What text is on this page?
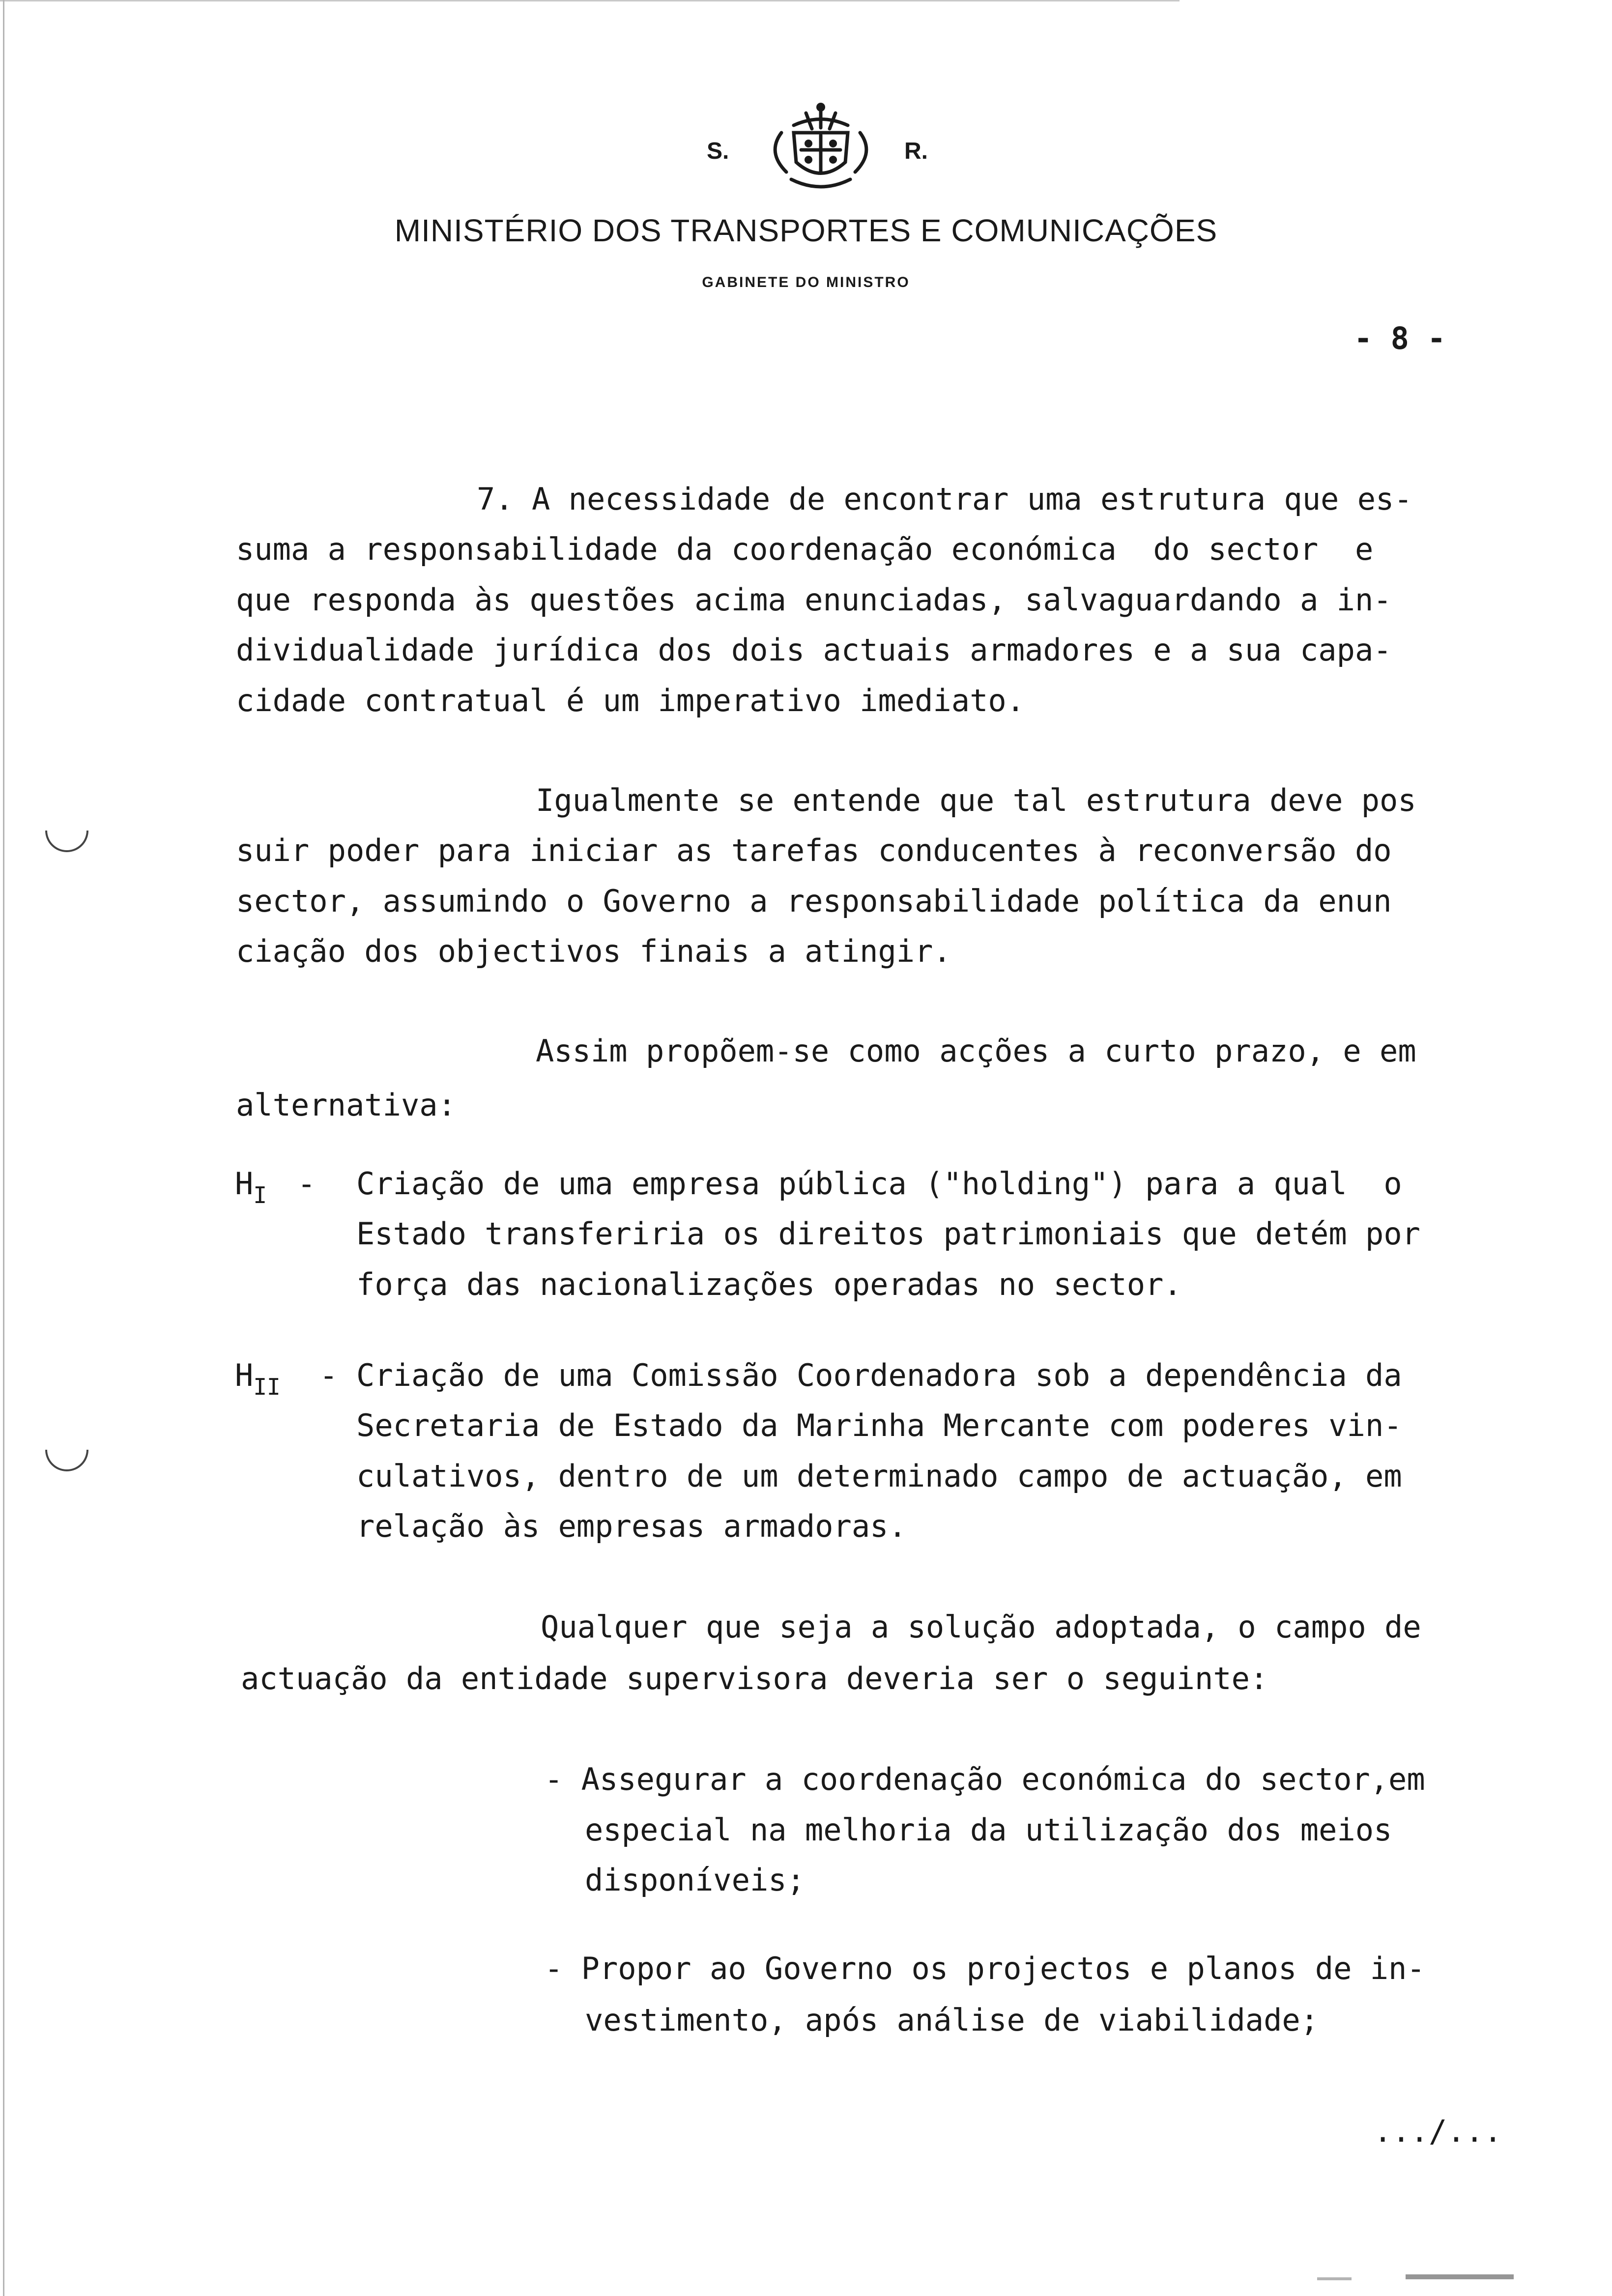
S.	R.
MINISTÉRIO DOS TRANSPORTES E COMUNICAÇÕES
GABINETE DO MINISTRO
- 8 -
7. A necessidade de encontrar uma estrutura que es-
suma a responsabilidade da coordenação económica  do sector  e
que responda às questões acima enunciadas, salvaguardando a in-
dividualidade jurídica dos dois actuais armadores e a sua capa-
cidade contratual é um imperativo imediato.
Igualmente se entende que tal estrutura deve pos
suir poder para iniciar as tarefas conducentes à reconversão do
sector, assumindo o Governo a responsabilidade política da enun
ciação dos objectivos finais a atingir.
Assim propõem-se como acções a curto prazo, e em
alternativa:
$H_I$ - Criação de uma empresa pública ("holding") para a qual  o
Estado transferiria os direitos patrimoniais que detém por
força das nacionalizações operadas no sector.
$H_{II}$ - Criação de uma Comissão Coordenadora sob a dependência da
Secretaria de Estado da Marinha Mercante com poderes vin-
culativos, dentro de um determinado campo de actuação, em
relação às empresas armadoras.
Qualquer que seja a solução adoptada, o campo de
actuação da entidade supervisora deveria ser o seguinte:
- Assegurar a coordenação económica do sector,em
especial na melhoria da utilização dos meios
disponíveis;
- Propor ao Governo os projectos e planos de in-
vestimento, após análise de viabilidade;
.../...
